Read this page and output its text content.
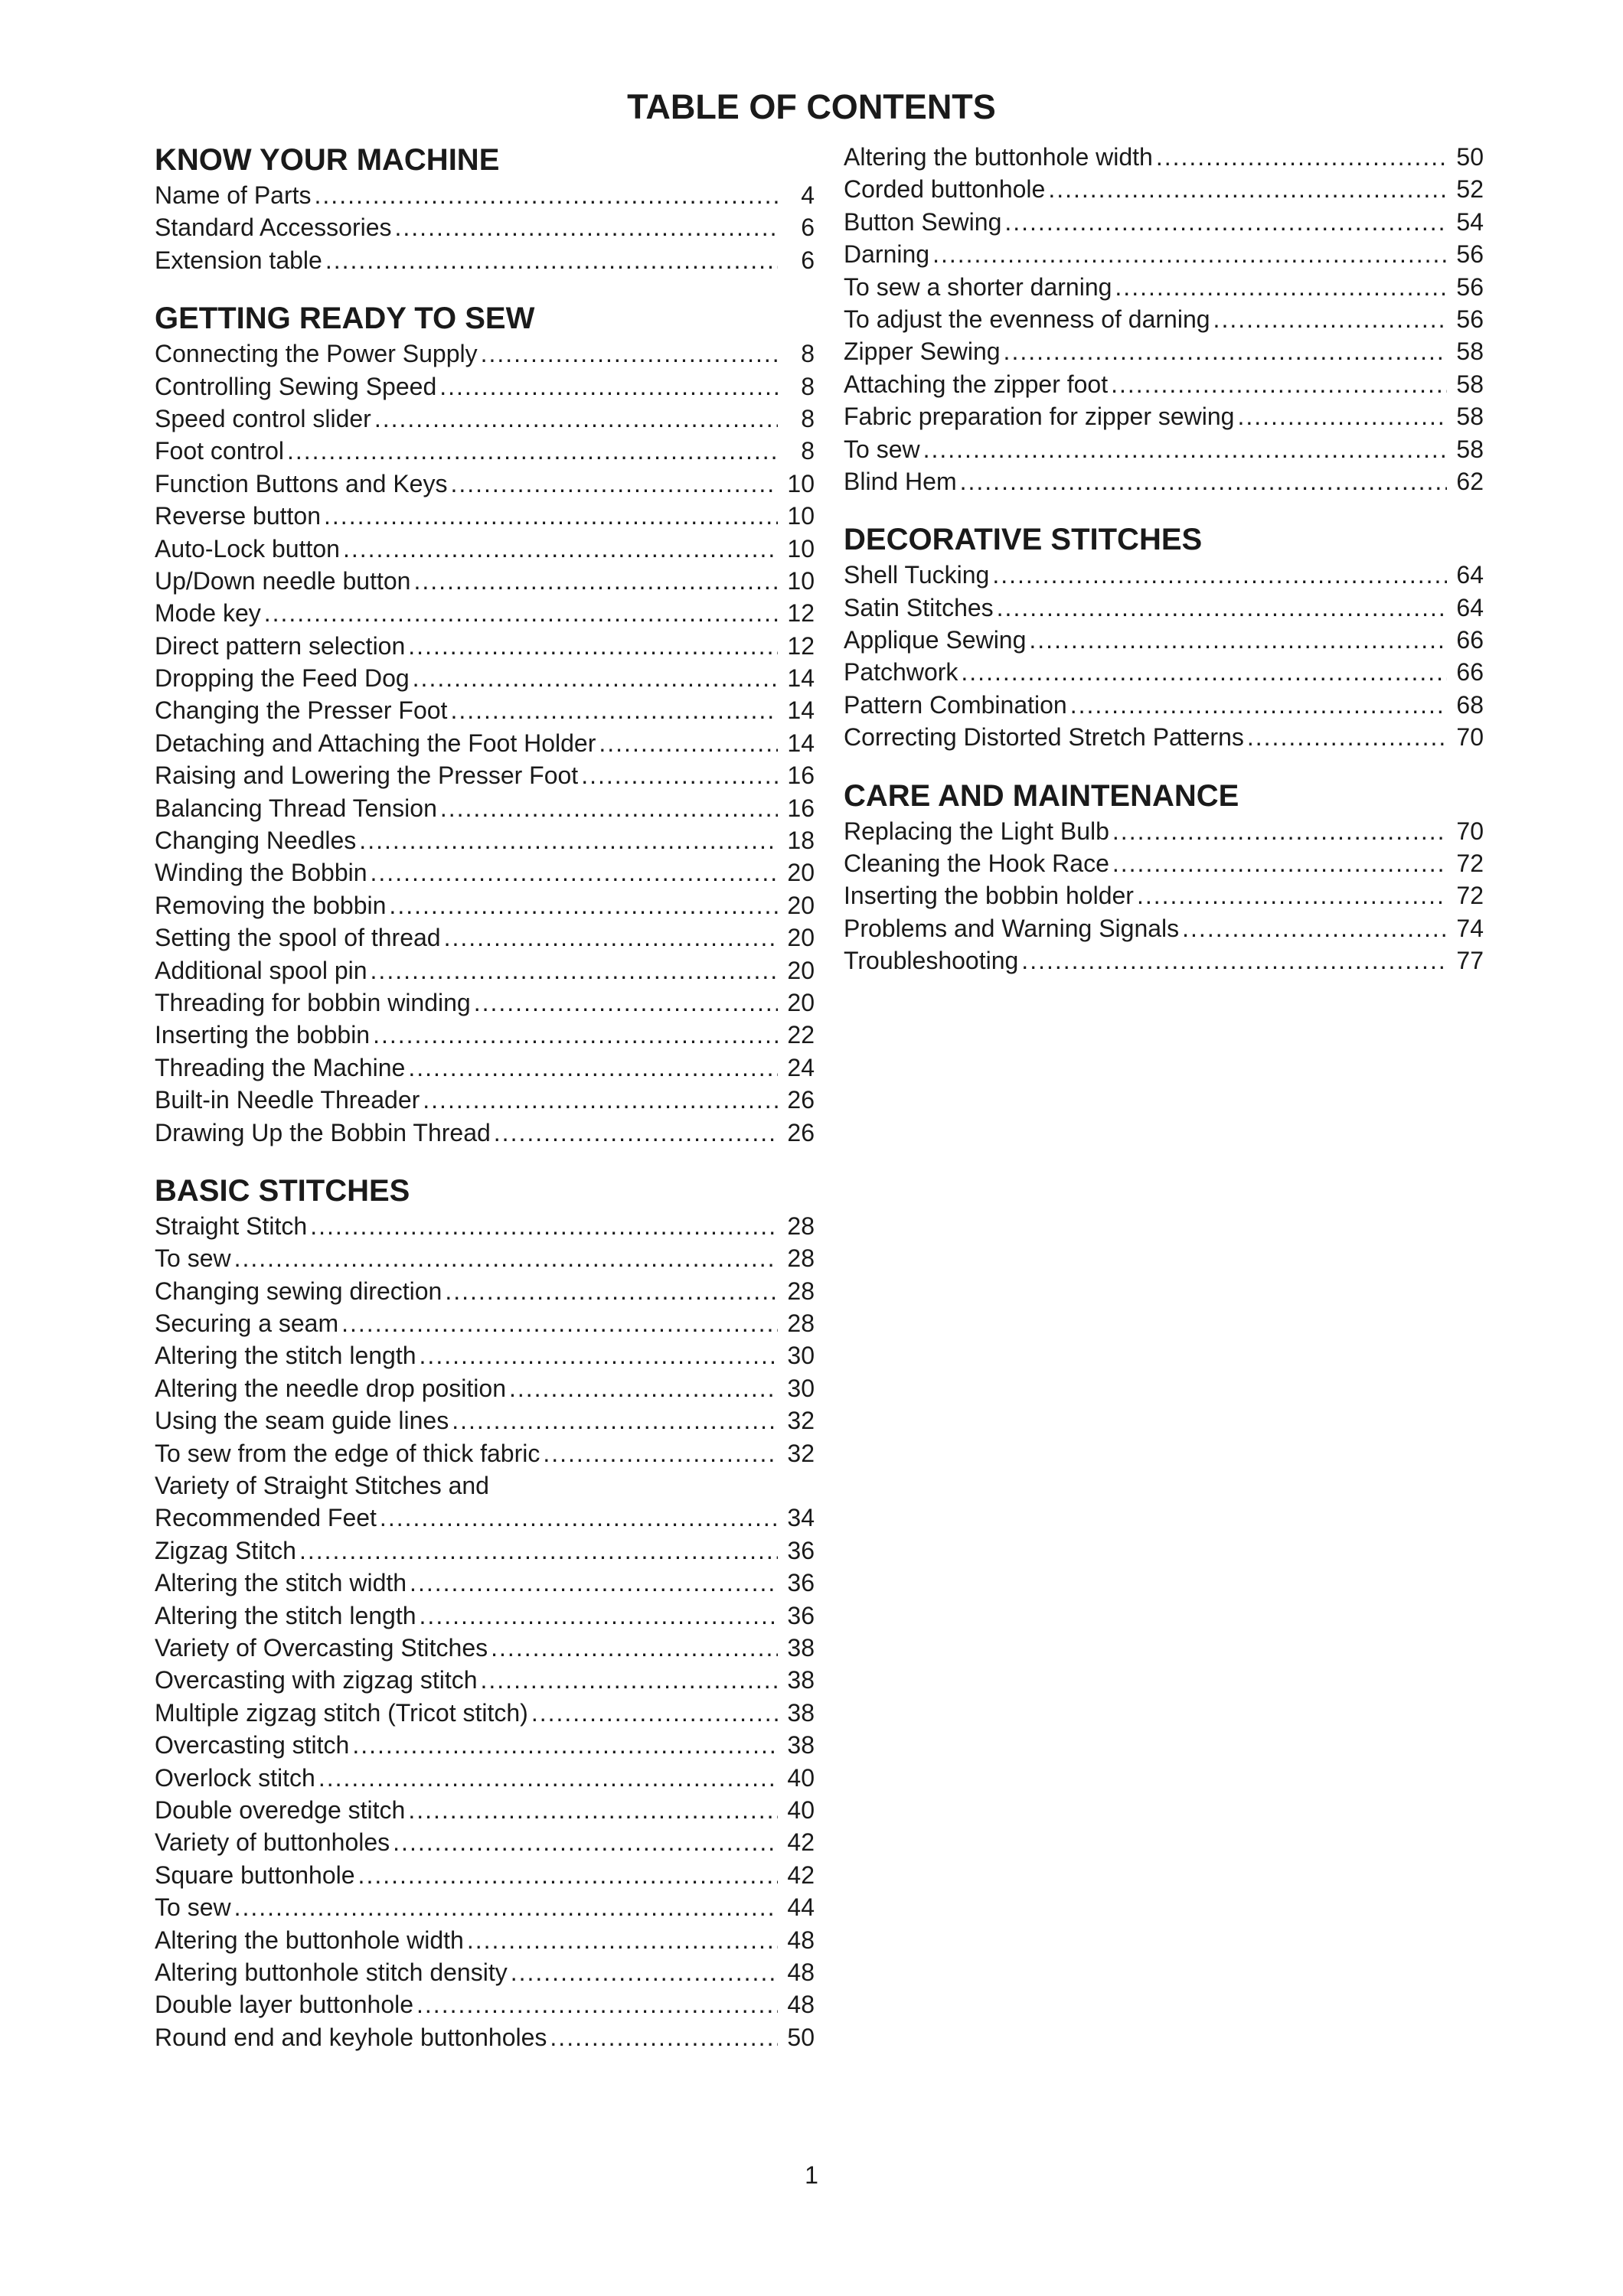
TABLE OF CONTENTS
KNOW YOUR MACHINE
Name of Parts .....	4
Standard Accessories .....	6
Extension table .....	6
GETTING READY TO SEW
Connecting the Power Supply .....	8
Controlling Sewing Speed .....	8
Speed control slider .....	8
Foot control .....	8
Function Buttons and Keys .....	10
Reverse button .....	10
Auto-Lock button .....	10
Up/Down needle button .....	10
Mode key .....	12
Direct pattern selection .....	12
Dropping the Feed Dog .....	14
Changing the Presser Foot .....	14
Detaching and Attaching the Foot Holder .....	14
Raising and Lowering the Presser Foot .....	16
Balancing Thread Tension .....	16
Changing Needles .....	18
Winding the Bobbin .....	20
Removing the bobbin .....	20
Setting the spool of thread .....	20
Additional spool pin .....	20
Threading for bobbin winding .....	20
Inserting the bobbin .....	22
Threading the Machine .....	24
Built-in Needle Threader .....	26
Drawing Up the Bobbin Thread .....	26
BASIC STITCHES
Straight Stitch .....	28
To sew .....	28
Changing sewing direction .....	28
Securing a seam .....	28
Altering the stitch length .....	30
Altering the needle drop position .....	30
Using the seam guide lines .....	32
To sew from the edge of thick fabric .....	32
Variety of Straight Stitches and
Recommended Feet .....	34
Zigzag Stitch .....	36
Altering the stitch width .....	36
Altering the stitch length .....	36
Variety of Overcasting Stitches .....	38
Overcasting with zigzag stitch .....	38
Multiple zigzag stitch (Tricot stitch) .....	38
Overcasting stitch .....	38
Overlock stitch .....	40
Double overedge stitch .....	40
Variety of buttonholes .....	42
Square buttonhole .....	42
To sew .....	44
Altering the buttonhole width .....	48
Altering buttonhole stitch density .....	48
Double layer buttonhole .....	48
Round end and keyhole buttonholes .....	50
Altering the buttonhole width .....	50
Corded buttonhole .....	52
Button Sewing .....	54
Darning .....	56
To sew a shorter darning .....	56
To adjust the evenness of darning .....	56
Zipper Sewing .....	58
Attaching the zipper foot .....	58
Fabric preparation for zipper sewing .....	58
To sew .....	58
Blind Hem .....	62
DECORATIVE STITCHES
Shell Tucking .....	64
Satin Stitches .....	64
Applique Sewing .....	66
Patchwork .....	66
Pattern Combination .....	68
Correcting Distorted Stretch Patterns .....	70
CARE AND MAINTENANCE
Replacing the Light Bulb .....	70
Cleaning the Hook Race .....	72
Inserting the bobbin holder .....	72
Problems and Warning Signals .....	74
Troubleshooting .....	77
1
